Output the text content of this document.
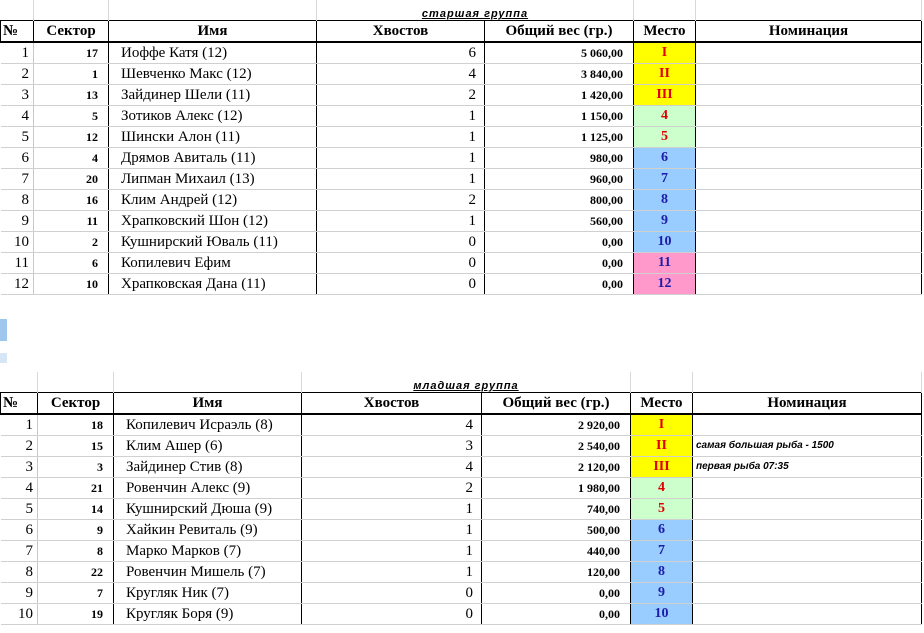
			старшая группа			
№	Сектор	Имя	Хвостов	Общий вес (гр.)	Место	Номинация
1	17	Иоффе Катя (12)	6	5 060,00	I	
2	1	Шевченко Макс (12)	4	3 840,00	II	
3	13	Зайдинер Шели (11)	2	1 420,00	III	
4	5	Зотиков Алекс (12)	1	1 150,00	4	
5	12	Шински Алон (11)	1	1 125,00	5	
6	4	Дрямов Авиталь (11)	1	980,00	6	
7	20	Липман Михаил (13)	1	960,00	7	
8	16	Клим Андрей (12)	2	800,00	8	
9	11	Храпковский Шон (12)	1	560,00	9	
10	2	Кушнирский Юваль (11)	0	0,00	10	
11	6	Копилевич Ефим	0	0,00	11	
12	10	Храпковская Дана (11)	0	0,00	12	
			младшая группа			
№	Сектор	Имя	Хвостов	Общий вес (гр.)	Место	Номинация
1	18	Копилевич Исраэль (8)	4	2 920,00	I	
2	15	Клим Ашер (6)	3	2 540,00	II	самая большая рыба - 1500
3	3	Зайдинер Стив (8)	4	2 120,00	III	первая рыба 07:35
4	21	Ровенчин Алекс (9)	2	1 980,00	4	
5	14	Кушнирский Дюша (9)	1	740,00	5	
6	9	Хайкин Ревиталь (9)	1	500,00	6	
7	8	Марко Марков (7)	1	440,00	7	
8	22	Ровенчин Мишель (7)	1	120,00	8	
9	7	Кругляк Ник (7)	0	0,00	9	
10	19	Кругляк Боря (9)	0	0,00	10	
